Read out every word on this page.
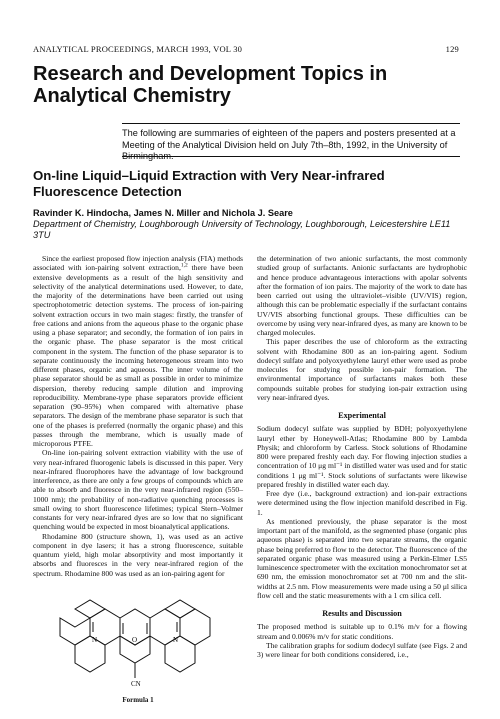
ANALYTICAL PROCEEDINGS, MARCH 1993, VOL 30	129
Research and Development Topics in Analytical Chemistry
The following are summaries of eighteen of the papers and posters presented at a Meeting of the Analytical Division held on July 7th–8th, 1992, in the University of Birmingham.
On-line Liquid–Liquid Extraction with Very Near-infrared Fluorescence Detection
Ravinder K. Hindocha, James N. Miller and Nichola J. Seare
Department of Chemistry, Loughborough University of Technology, Loughborough, Leicestershire LE11 3TU

Since the earliest proposed flow injection analysis (FIA) methods associated with ion-pairing solvent extraction,$^{1,2}$ there have been extensive developments as a result of the high sensitivity and selectivity of the analytical determinations used. However, to date, the majority of the determinations have been carried out using spectrophotometric detection systems. The process of ion-pairing solvent extraction occurs in two main stages: firstly, the transfer of free cations and anions from the aqueous phase to the organic phase using a phase separator; and secondly, the formation of ion pairs in the organic phase. The phase separator is the most critical component in the system. The function of the phase separator is to separate continuously the incoming heterogeneous stream into two different phases, organic and aqueous. The inner volume of the phase separator should be as small as possible in order to minimize dispersion, thereby reducing sample dilution and improving reproducibility. Membrane-type phase separators provide efficient separation (90–95%) when compared with alternative phase separators. The design of the membrane phase separator is such that one of the phases is preferred (normally the organic phase) and this passes through the membrane, which is usually made of microporous PTFE.

On-line ion-pairing solvent extraction viability with the use of very near-infrared fluorogenic labels is discussed in this paper. Very near-infrared fluorophores have the advantage of low background interference, as there are only a few groups of compounds which are able to absorb and fluoresce in the very near-infrared region (550–1000 nm); the probability of non-radiative quenching processes is small owing to short fluorescence lifetimes; typical Stern–Volmer constants for very near-infrared dyes are so low that no significant quenching would be expected in most bioanalytical applications.

Rhodamine 800 (structure shown, 1), was used as an active component in dye lasers; it has a strong fluorescence, suitable quantum yield, high molar absorptivity and most importantly it absorbs and fluoresces in the very near-infrared region of the spectrum. Rhodamine 800 was used as an ion-pairing agent for

N	N
O
CN
Formula 1

the determination of two anionic surfactants, the most commonly studied group of surfactants. Anionic surfactants are hydrophobic and hence produce advantageous interactions with apolar solvents after the formation of ion pairs. The majority of the work to date has been carried out using the ultraviolet–visible (UV/VIS) region, although this can be problematic especially if the surfactant contains UV/VIS absorbing functional groups. These difficulties can be overcome by using very near-infrared dyes, as many are known to be charged molecules.

This paper describes the use of chloroform as the extracting solvent with Rhodamine 800 as an ion-pairing agent. Sodium dodecyl sulfate and polyoxyethylene lauryl ether were used as probe molecules for studying possible ion-pair formation. The environmental importance of surfactants makes both these compounds suitable probes for studying ion-pair extraction using very near-infrared dyes.

Experimental

Sodium dodecyl sulfate was supplied by BDH; polyoxyethylene lauryl ether by Honeywell-Atlas; Rhodamine 800 by Lambda Physik; and chloroform by Carless. Stock solutions of Rhodamine 800 were prepared freshly each day. For flowing injection studies a concentration of 10 μg ml⁻¹ in distilled water was used and for static conditions 1 μg ml⁻¹. Stock solutions of surfactants were likewise prepared freshly in distilled water each day.

Free dye (i.e., background extraction) and ion-pair extractions were determined using the flow injection manifold described in Fig. 1.

As mentioned previously, the phase separator is the most important part of the manifold, as the segmented phase (organic plus aqueous phase) is separated into two separate streams, the organic phase being preferred to flow to the detector. The fluorescence of the separated organic phase was measured using a Perkin-Elmer LS5 luminescence spectrometer with the excitation monochromator set at 690 nm, the emission monochromator set at 700 nm and the slit-widths at 2.5 nm. Flow measurements were made using a 50 μl silica flow cell and the static measurements with a 1 cm silica cell.

Results and Discussion

The proposed method is suitable up to 0.1% m/v for a flowing stream and 0.006% m/v for static conditions.

The calibration graphs for sodium dodecyl sulfate (see Figs. 2 and 3) were linear for both conditions considered, i.e.,
